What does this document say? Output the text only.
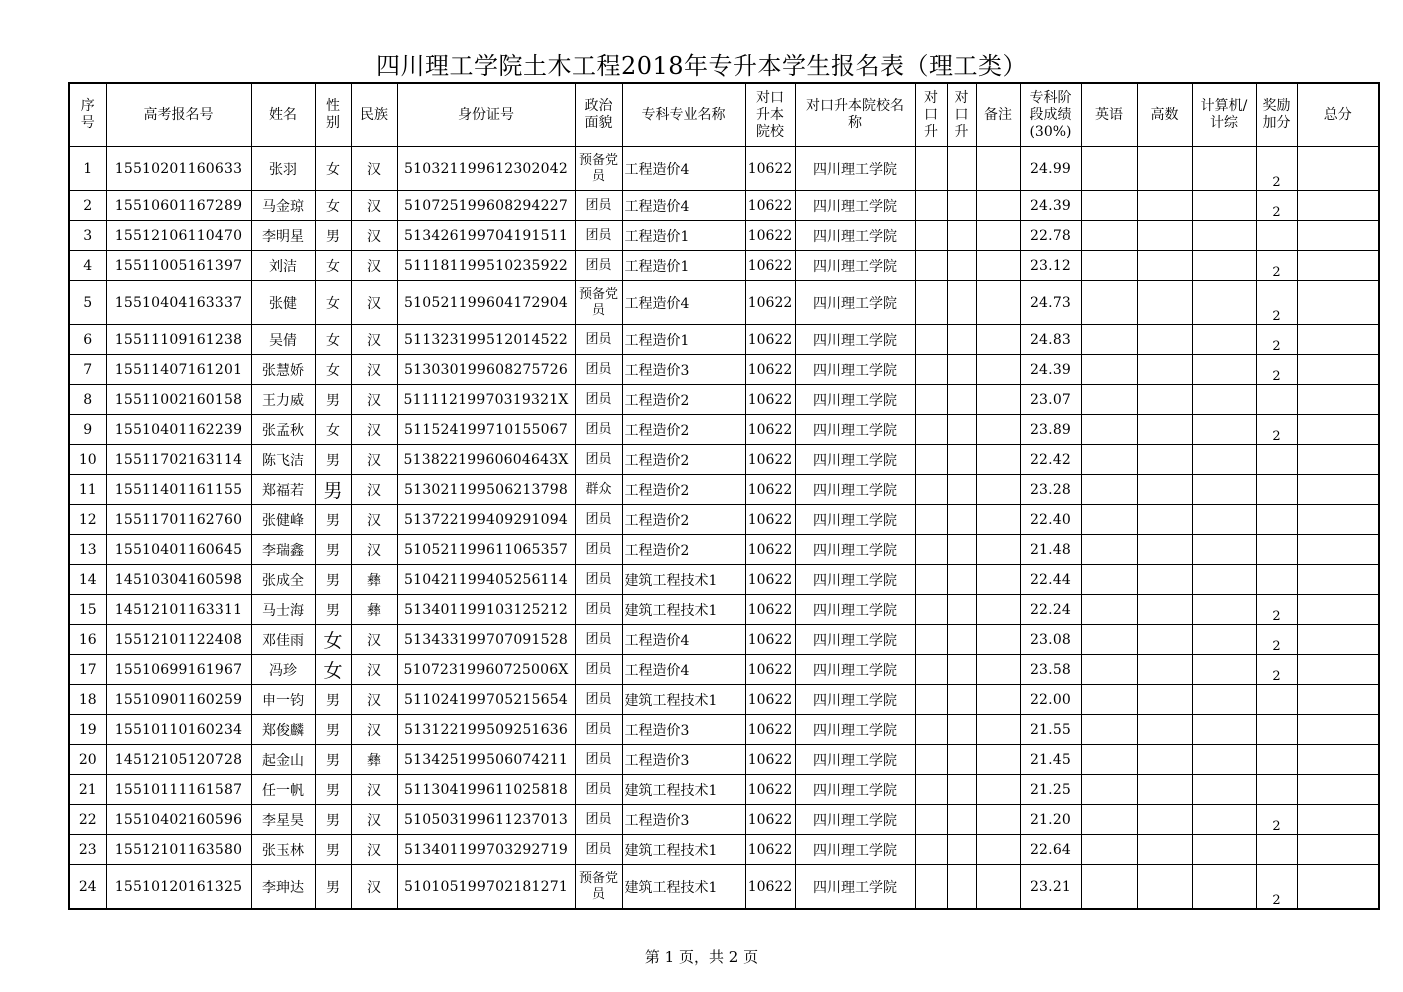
四川理工学院土木工程2018年专升本学生报名表（理工类）
序号	高考报名号	姓名	性别	民族	身份证号	政治面貌	专科专业名称	对口升本院校	对口升本院校名称	对口升	对口升	备注	专科阶段成绩(30%)	英语	高数	计算机/计综	奖励加分	总分
1	15510201160633	张羽	女	汉	510321199612302042	预备党员	工程造价4	10622	四川理工学院				24.99				2	
2	15510601167289	马金琼	女	汉	510725199608294227	团员	工程造价4	10622	四川理工学院				24.39				2	
3	15512106110470	李明星	男	汉	513426199704191511	团员	工程造价1	10622	四川理工学院				22.78					
4	15511005161397	刘洁	女	汉	511181199510235922	团员	工程造价1	10622	四川理工学院				23.12				2	
5	15510404163337	张健	女	汉	510521199604172904	预备党员	工程造价4	10622	四川理工学院				24.73				2	
6	15511109161238	吴倩	女	汉	511323199512014522	团员	工程造价1	10622	四川理工学院				24.83				2	
7	15511407161201	张慧娇	女	汉	513030199608275726	团员	工程造价3	10622	四川理工学院				24.39				2	
8	15511002160158	王力威	男	汉	51111219970319321X	团员	工程造价2	10622	四川理工学院				23.07					
9	15510401162239	张孟秋	女	汉	511524199710155067	团员	工程造价2	10622	四川理工学院				23.89				2	
10	15511702163114	陈飞洁	男	汉	51382219960604643X	团员	工程造价2	10622	四川理工学院				22.42					
11	15511401161155	郑福若	男	汉	513021199506213798	群众	工程造价2	10622	四川理工学院				23.28					
12	15511701162760	张健峰	男	汉	513722199409291094	团员	工程造价2	10622	四川理工学院				22.40					
13	15510401160645	李瑞鑫	男	汉	510521199611065357	团员	工程造价2	10622	四川理工学院				21.48					
14	14510304160598	张成全	男	彝	510421199405256114	团员	建筑工程技术1	10622	四川理工学院				22.44					
15	14512101163311	马士海	男	彝	513401199103125212	团员	建筑工程技术1	10622	四川理工学院				22.24				2	
16	15512101122408	邓佳雨	女	汉	513433199707091528	团员	工程造价4	10622	四川理工学院				23.08				2	
17	15510699161967	冯珍	女	汉	51072319960725006X	团员	工程造价4	10622	四川理工学院				23.58				2	
18	15510901160259	申一钧	男	汉	511024199705215654	团员	建筑工程技术1	10622	四川理工学院				22.00					
19	15510110160234	郑俊麟	男	汉	513122199509251636	团员	工程造价3	10622	四川理工学院				21.55					
20	14512105120728	起金山	男	彝	513425199506074211	团员	工程造价3	10622	四川理工学院				21.45					
21	15510111161587	任一帆	男	汉	511304199611025818	团员	建筑工程技术1	10622	四川理工学院				21.25					
22	15510402160596	李星昊	男	汉	510503199611237013	团员	工程造价3	10622	四川理工学院				21.20				2	
23	15512101163580	张玉林	男	汉	513401199703292719	团员	建筑工程技术1	10622	四川理工学院				22.64					
24	15510120161325	李珅达	男	汉	510105199702181271	预备党员	建筑工程技术1	10622	四川理工学院				23.21				2	
第 1 页，共 2 页
